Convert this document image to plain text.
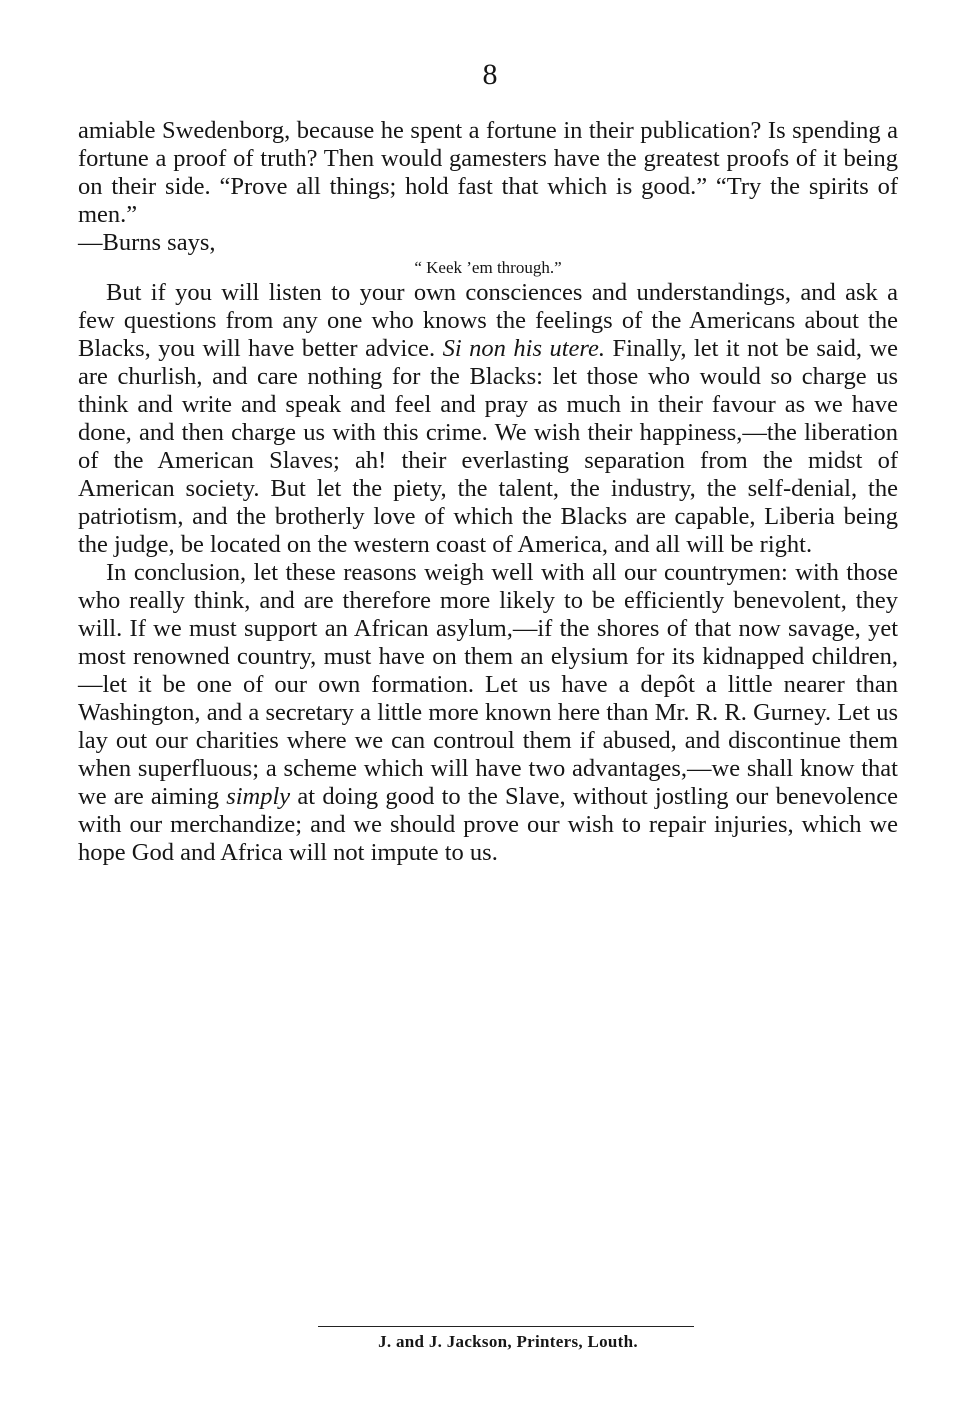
8

amiable Swedenborg, because he spent a fortune in their publication? Is spending a fortune a proof of truth? Then would gamesters have the greatest proofs of it being on their side. “Prove all things; hold fast that which is good.” “Try the spirits of men.”

—Burns says,

“ Keek ’em through.”

But if you will listen to your own consciences and understandings, and ask a few questions from any one who knows the feelings of the Americans about the Blacks, you will have better advice. Si non his utere. Finally, let it not be said, we are churlish, and care nothing for the Blacks: let those who would so charge us think and write and speak and feel and pray as much in their favour as we have done, and then charge us with this crime. We wish their happiness,—the liberation of the American Slaves; ah! their everlasting separation from the midst of American society. But let the piety, the talent, the industry, the self-denial, the patriotism, and the brotherly love of which the Blacks are capable, Liberia being the judge, be located on the western coast of America, and all will be right.

In conclusion, let these reasons weigh well with all our countrymen: with those who really think, and are therefore more likely to be efficiently benevolent, they will. If we must support an African asylum,—if the shores of that now savage, yet most renowned country, must have on them an elysium for its kidnapped children,—let it be one of our own formation. Let us have a depôt a little nearer than Washington, and a secretary a little more known here than Mr. R. R. Gurney. Let us lay out our charities where we can controul them if abused, and discontinue them when superfluous; a scheme which will have two advantages,—we shall know that we are aiming simply at doing good to the Slave, without jostling our benevolence with our merchandize; and we should prove our wish to repair injuries, which we hope God and Africa will not impute to us.

J. and J. Jackson, Printers, Louth.
